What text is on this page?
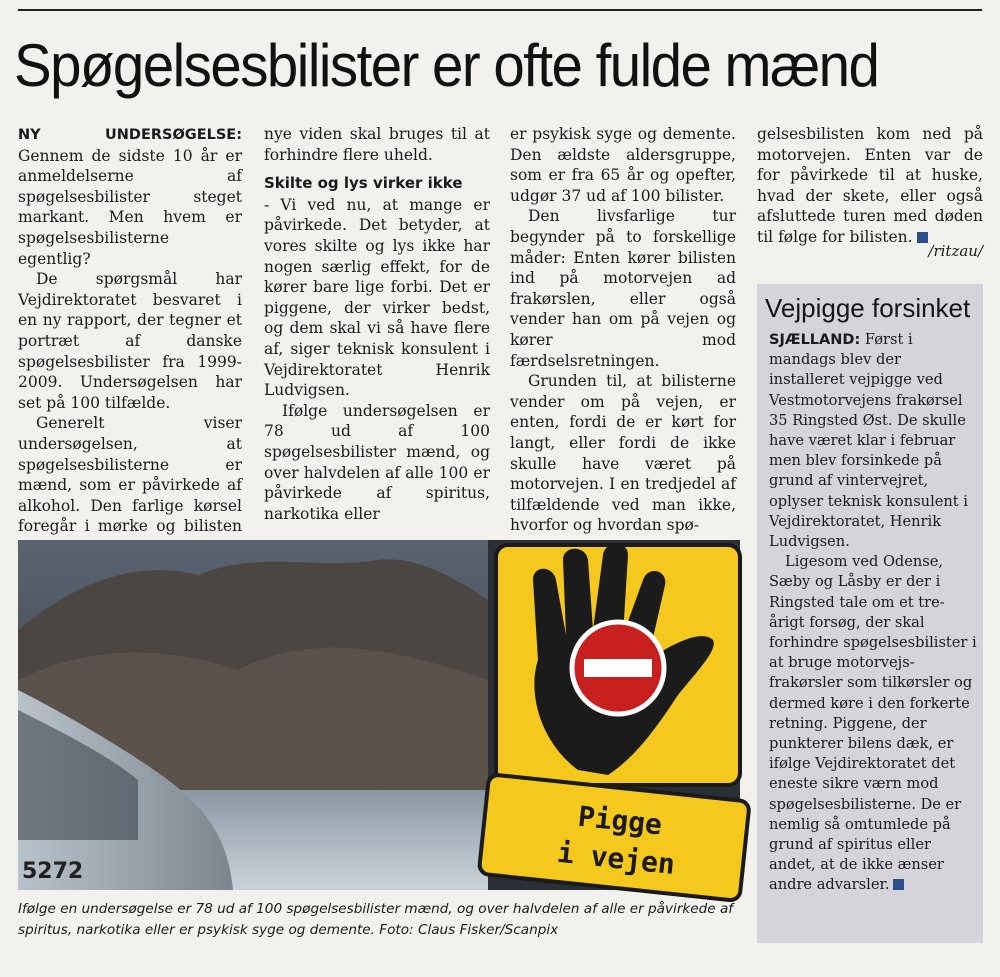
Spøgelsesbilister er ofte fulde mænd

NY UNDERSØGELSE: Gennem de sidste 10 år er anmeldelserne af spøgelsesbilister steget markant. Men hvem er spøgelsesbilisterne egentlig?

De spørgsmål har Vejdirektoratet besvaret i en ny rapport, der tegner et portræt af danske spøgelsesbilister fra 1999-2009. Undersøgelsen har set på 100 tilfælde.

Generelt viser undersøgelsen, at spøgelsesbilisterne er mænd, som er påvirkede af alkohol. Den farlige kørsel foregår i mørke og bilisten

nye viden skal bruges til at forhindre flere uheld.

Skilte og lys virker ikke

- Vi ved nu, at mange er påvirkede. Det betyder, at vores skilte og lys ikke har nogen særlig effekt, for de kører bare lige forbi. Det er piggene, der virker bedst, og dem skal vi så have flere af, siger teknisk konsulent i Vejdirektoratet Henrik Ludvigsen.

Ifølge undersøgelsen er 78 ud af 100 spøgelsesbilister mænd, og over halvdelen af alle 100 er påvirkede af spiritus, narkotika eller

er psykisk syge og demente. Den ældste aldersgruppe, som er fra 65 år og opefter, udgør 37 ud af 100 bilister.

Den livsfarlige tur begynder på to forskellige måder: Enten kører bilisten ind på motorvejen ad frakørslen, eller også vender han om på vejen og kører mod færdselsretningen.

Grunden til, at bilisterne vender om på vejen, er enten, fordi de er kørt for langt, eller fordi de ikke skulle have været på motorvejen. I en tredjedel af tilfældende ved man ikke, hvorfor og hvordan spø-

gelsesbilisten kom ned på motorvejen. Enten var de for påvirkede til at huske, hvad der skete, eller også afsluttede turen med døden til følge for bilisten.

/ritzau/
5272
Pigge
i vejen
Ifølge en undersøgelse er 78 ud af 100 spøgelsesbilister mænd, og over halvdelen af alle er påvirkede af spiritus, narkotika eller er psykisk syge og demente. Foto: Claus Fisker/Scanpix
Vejpigge forsinket

SJÆLLAND: Først i mandags blev der installeret vejpigge ved Vestmotorvejens frakørsel 35 Ringsted Øst. De skulle have været klar i februar men blev forsinkede på grund af vintervejret, oplyser teknisk konsulent i Vejdirektoratet, Henrik Ludvigsen.

Ligesom ved Odense, Sæby og Låsby er der i Ringsted tale om et tre-årigt forsøg, der skal forhindre spøgelsesbilister i at bruge motorvejs-frakørsler som tilkørsler og dermed køre i den forkerte retning. Piggene, der punkterer bilens dæk, er ifølge Vejdirektoratet det eneste sikre værn mod spøgelsesbilisterne. De er nemlig så omtumlede på grund af spiritus eller andet, at de ikke ænser andre advarsler.
